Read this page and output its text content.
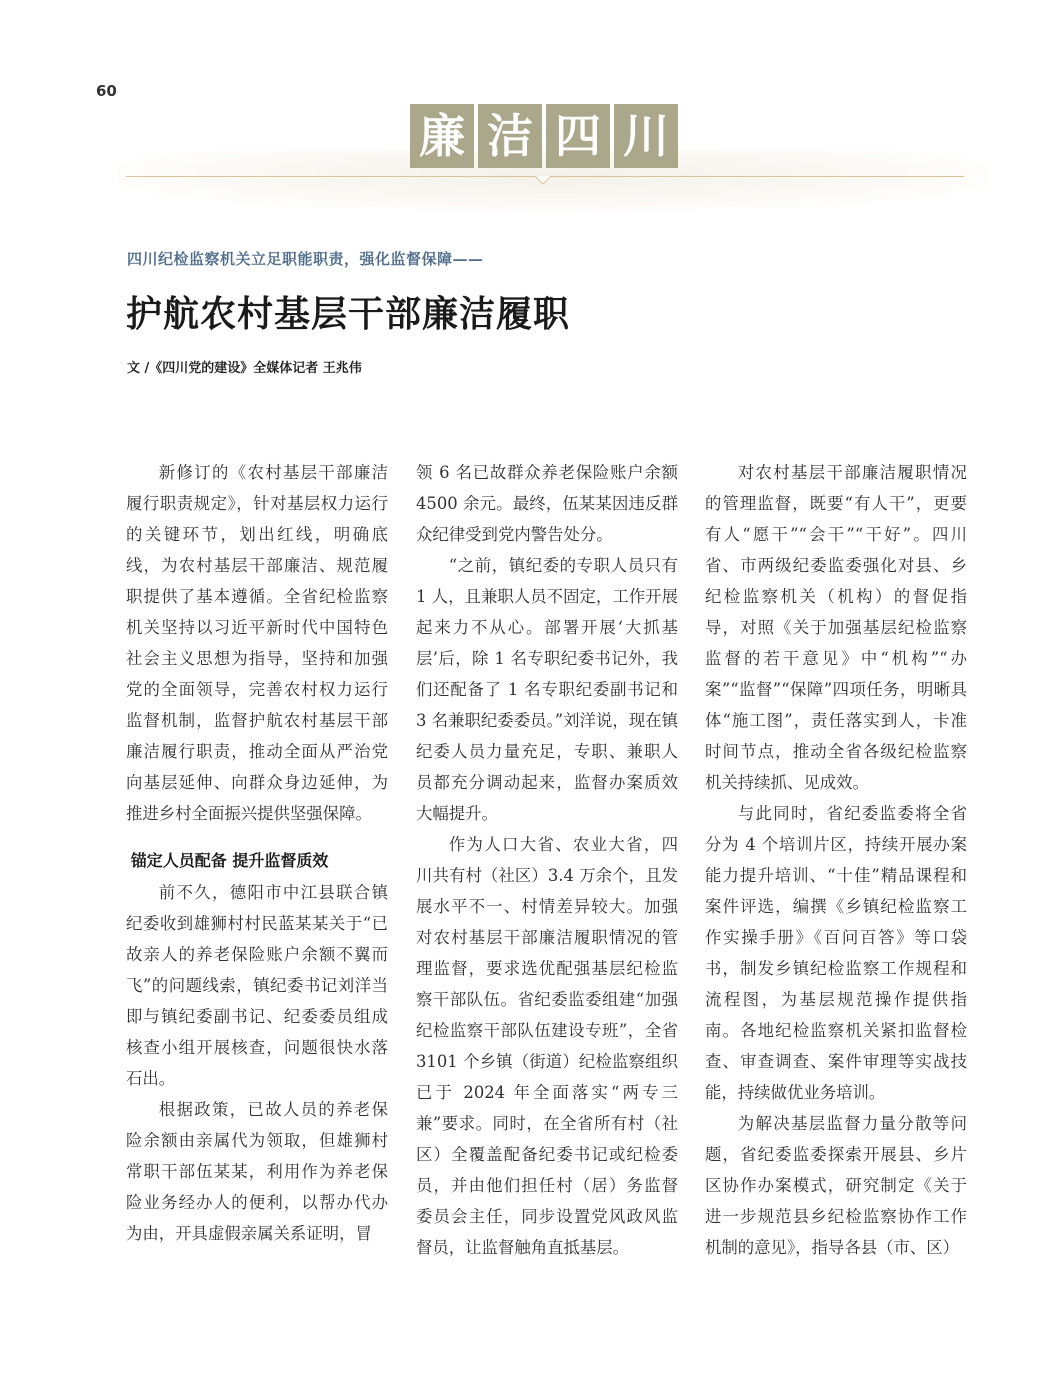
60
廉 洁 四 川
四川纪检监察机关立足职能职责，强化监督保障——
护航农村基层干部廉洁履职
文 /《四川党的建设》全媒体记者 王兆伟

新修订的《农村基层干部廉洁履行职责规定》，针对基层权力运行的关键环节，划出红线，明确底线，为农村基层干部廉洁、规范履职提供了基本遵循。全省纪检监察机关坚持以习近平新时代中国特色社会主义思想为指导，坚持和加强党的全面领导，完善农村权力运行监督机制，监督护航农村基层干部廉洁履行职责，推动全面从严治党向基层延伸、向群众身边延伸，为推进乡村全面振兴提供坚强保障。

锚定人员配备 提升监督质效

前不久，德阳市中江县联合镇纪委收到雄狮村村民蓝某某关于“已故亲人的养老保险账户余额不翼而飞”的问题线索，镇纪委书记刘洋当即与镇纪委副书记、纪委委员组成核查小组开展核查，问题很快水落石出。

根据政策，已故人员的养老保险余额由亲属代为领取，但雄狮村常职干部伍某某，利用作为养老保险业务经办人的便利，以帮办代办为由，开具虚假亲属关系证明，冒

领 6 名已故群众养老保险账户余额 4500 余元。最终，伍某某因违反群众纪律受到党内警告处分。

“之前，镇纪委的专职人员只有 1 人，且兼职人员不固定，工作开展起来力不从心。部署开展‘大抓基层’后，除 1 名专职纪委书记外，我们还配备了 1 名专职纪委副书记和 3 名兼职纪委委员。”刘洋说，现在镇纪委人员力量充足，专职、兼职人员都充分调动起来，监督办案质效大幅提升。

作为人口大省、农业大省，四川共有村（社区）3.4 万余个，且发展水平不一、村情差异较大。加强对农村基层干部廉洁履职情况的管理监督，要求选优配强基层纪检监察干部队伍。省纪委监委组建“加强纪检监察干部队伍建设专班”，全省 3101 个乡镇（街道）纪检监察组织已于 2024 年全面落实“两专三兼”要求。同时，在全省所有村（社区）全覆盖配备纪委书记或纪检委员，并由他们担任村（居）务监督委员会主任，同步设置党风政风监督员，让监督触角直抵基层。

对农村基层干部廉洁履职情况的管理监督，既要“有人干”，更要有人“愿干”“会干”“干好”。四川省、市两级纪委监委强化对县、乡纪检监察机关（机构）的督促指导，对照《关于加强基层纪检监察监督的若干意见》中“机构”“办案”“监督”“保障”四项任务，明晰具体“施工图”，责任落实到人，卡准时间节点，推动全省各级纪检监察机关持续抓、见成效。

与此同时，省纪委监委将全省分为 4 个培训片区，持续开展办案能力提升培训、“十佳”精品课程和案件评选，编撰《乡镇纪检监察工作实操手册》《百问百答》等口袋书，制发乡镇纪检监察工作规程和流程图，为基层规范操作提供指南。各地纪检监察机关紧扣监督检查、审查调查、案件审理等实战技能，持续做优业务培训。

为解决基层监督力量分散等问题，省纪委监委探索开展县、乡片区协作办案模式，研究制定《关于进一步规范县乡纪检监察协作工作机制的意见》，指导各县（市、区）
